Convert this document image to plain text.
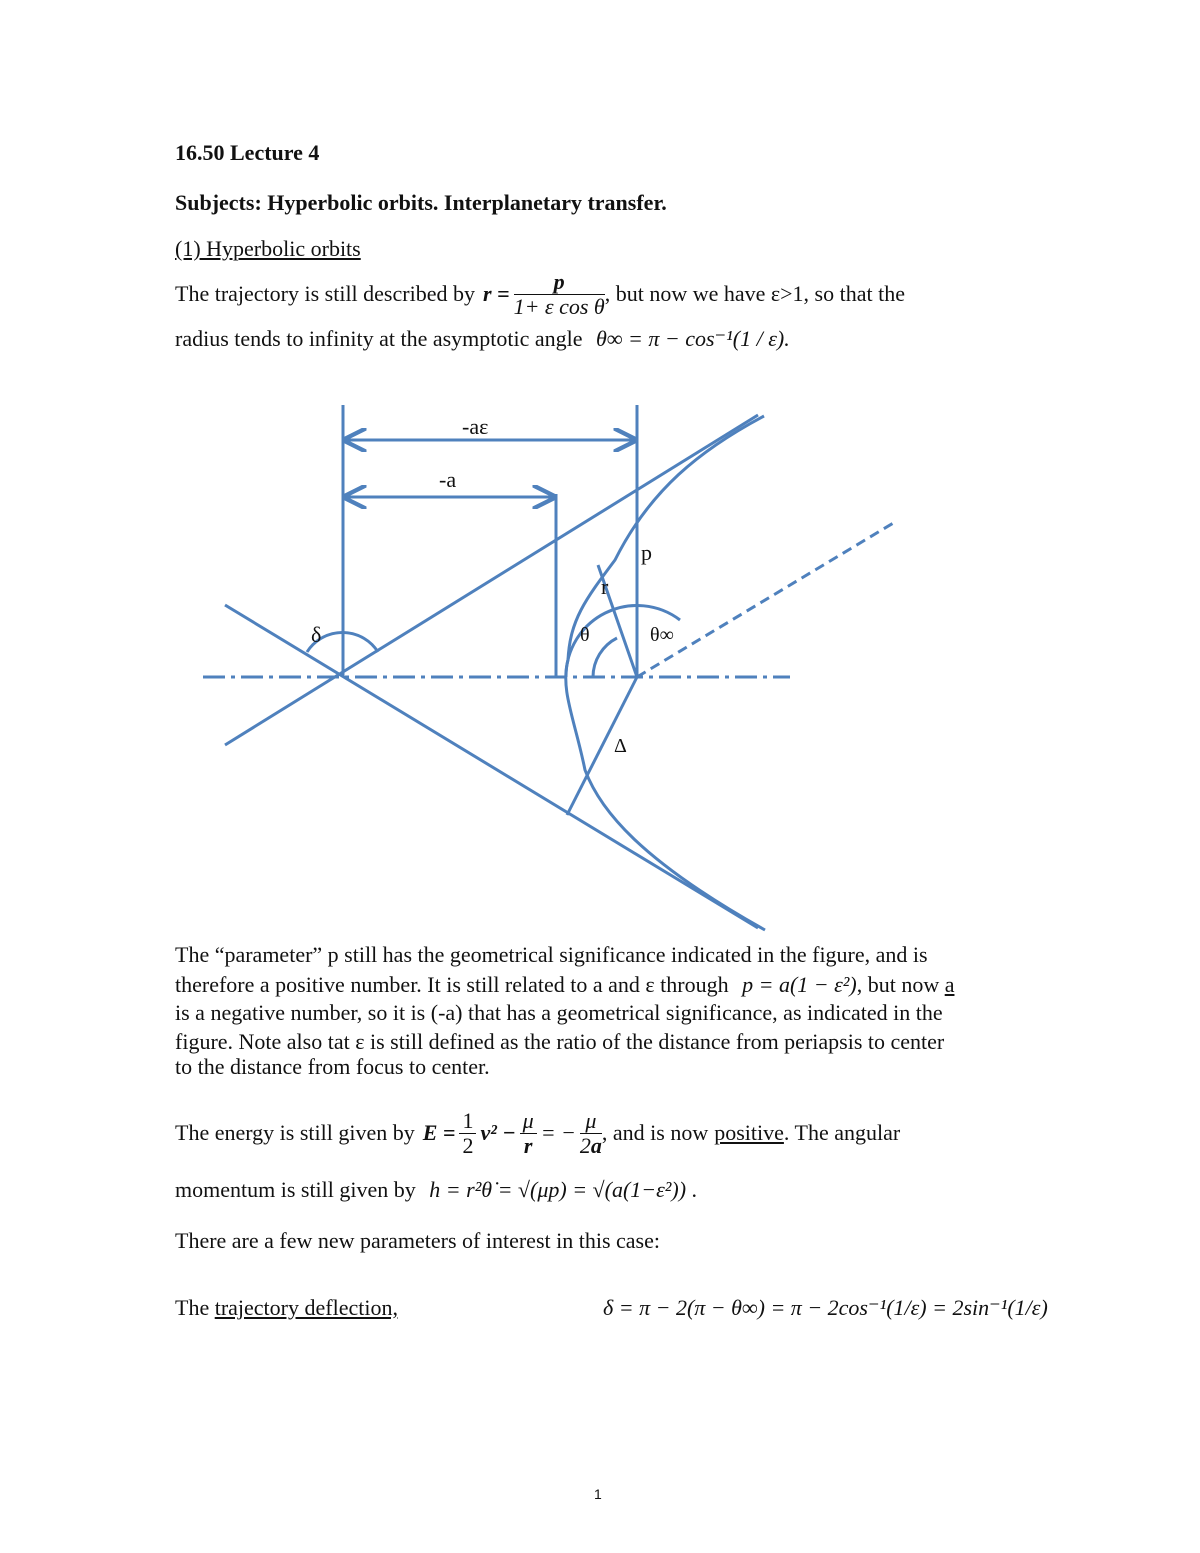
16.50 Lecture 4
Subjects: Hyperbolic orbits. Interplanetary transfer.
(1) Hyperbolic orbits
The trajectory is still described by $r = \frac{p}{\text{1+ ε cos θ}}$ , but now we have ε>1, so that the
radius tends to infinity at the asymptotic angle θ∞ = π − cos⁻¹(1 / ε).
-aε
-a
p
r
δ	θ	θ∞
Δ
The “parameter” p still has the geometrical significance indicated in the figure, and is
therefore a positive number. It is still related to a and ε through p = a(1 − ε²), but now a
is a negative number, so it is (-a) that has a geometrical significance, as indicated in the
figure. Note also tat ε is still defined as the ratio of the distance from periapsis to center
to the distance from focus to center.
The energy is still given by $E = \frac{1}{2} v^2 - \frac{\mu}{r}$ = − $\frac{\mu}{2a}$ , and is now positive . The angular
momentum is still given by h = r²θ̇ = √(μp) = √(a(1−ε²)) .
There are a few new parameters of interest in this case:
The trajectory deflection,	δ = π − 2(π − θ∞) = π − 2cos⁻¹(1/ε) = 2sin⁻¹(1/ε)
1
